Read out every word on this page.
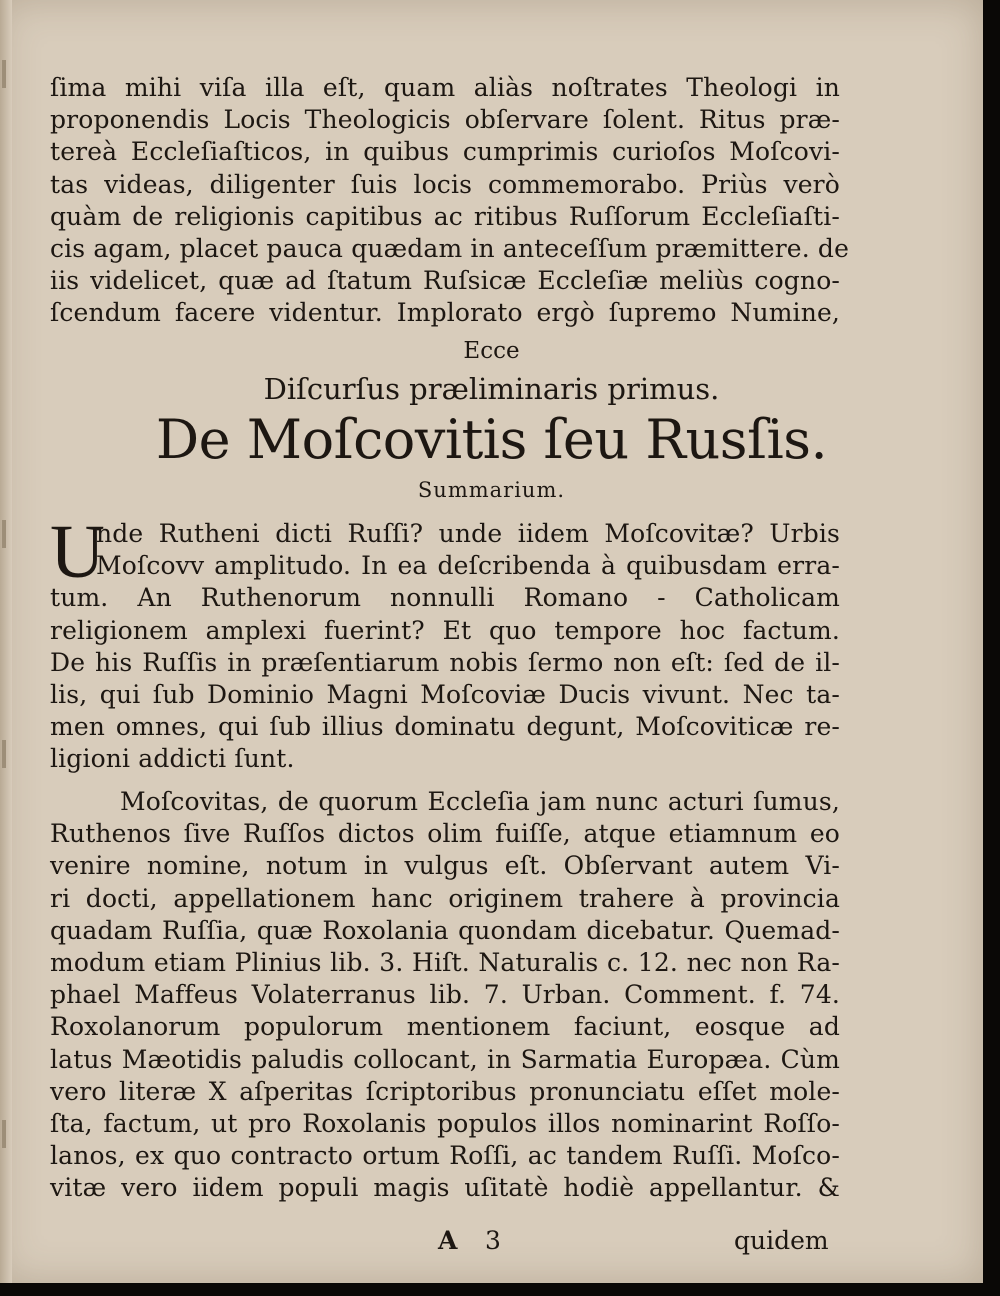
ſima mihi viſa illa eſt, quam aliàs noſtrates Theologi in
proponendis Locis Theologicis obſervare ſolent. Ritus præ-
tereà Eccleſiaſticos, in quibus cumprimis curioſos Moſcovi-
tas videas, diligenter ſuis locis commemorabo. Priùs verò
quàm de religionis capitibus ac ritibus Ruſſorum Eccleſiaſti-
cis agam, placet pauca quædam in anteceſſum præmittere. de
iis videlicet, quæ ad ſtatum Ruſsicæ Eccleſiæ meliùs cogno-
ſcendum facere videntur. Implorato ergò ſupremo Numine,
Ecce
Diſcurſus præliminaris primus.
De Moſcovitis ſeu Rusſis.
Summarium.
U
nde Rutheni dicti Ruſſi? unde iidem Moſcovitæ? Urbis
Moſcovv amplitudo. In ea deſcribenda à quibusdam erra-
tum. An Ruthenorum nonnulli Romano - Catholicam
religionem amplexi fuerint? Et quo tempore hoc factum.
De his Ruſſis in præſentiarum nobis ſermo non eſt: ſed de il-
lis, qui ſub Dominio Magni Moſcoviæ Ducis vivunt. Nec ta-
men omnes, qui ſub illius dominatu degunt, Moſcoviticæ re-
ligioni addicti ſunt.
Moſcovitas, de quorum Eccleſia jam nunc acturi ſumus,
Ruthenos ſive Ruſſos dictos olim fuiſſe, atque etiamnum eo
venire nomine, notum in vulgus eſt. Obſervant autem Vi-
ri docti, appellationem hanc originem trahere à provincia
quadam Ruſſia, quæ Roxolania quondam dicebatur. Quemad-
modum etiam Plinius lib. 3. Hiſt. Naturalis c. 12. nec non Ra-
phael Maffeus Volaterranus lib. 7. Urban. Comment. f. 74.
Roxolanorum populorum mentionem faciunt, eosque ad
latus Mæotidis paludis collocant, in Sarmatia Europæa. Cùm
vero literæ X aſperitas ſcriptoribus pronunciatu eſſet mole-
ſta, factum, ut pro Roxolanis populos illos nominarint Roſſo-
lanos, ex quo contracto ortum Roſſi, ac tandem Ruſſi. Moſco-
vitæ vero iidem populi magis uſitatè hodiè appellantur. &
A 3	quidem
